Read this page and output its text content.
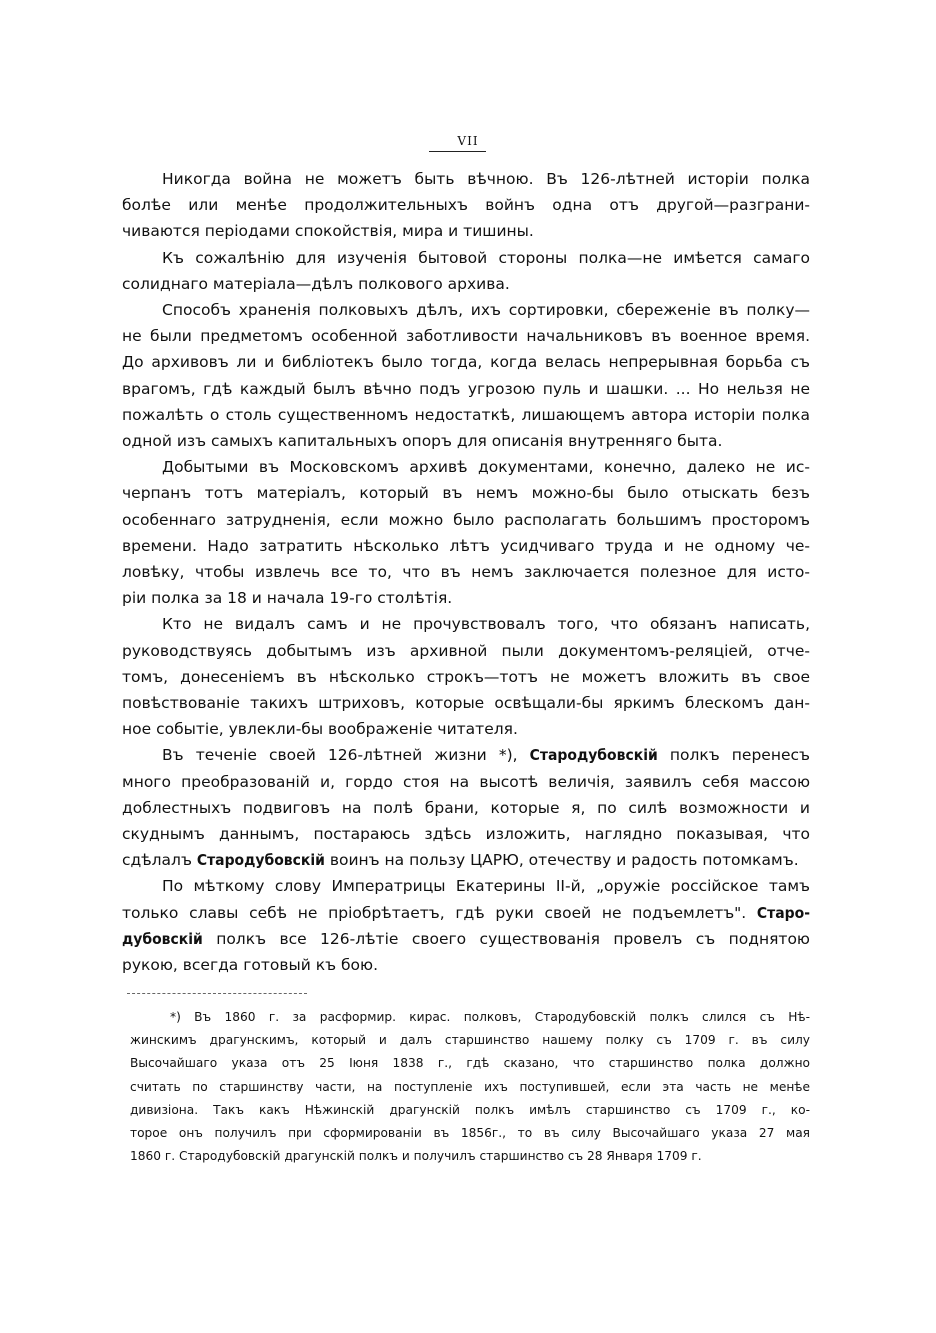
VII
Никогда война не можетъ быть вѣчною. Въ 126-лѣтней исторіи полка
болѣе или менѣе продолжительныхъ войнъ одна отъ другой—разграни-
чиваются періодами спокойствія, мира и тишины.
Къ сожалѣнію для изученія бытовой стороны полка—не имѣется самаго
солиднаго матеріала—дѣлъ полкового архива.
Способъ храненія полковыхъ дѣлъ, ихъ сортировки, сбереженіе въ полку—
не были предметомъ особенной заботливости начальниковъ въ военное время.
До архивовъ ли и библіотекъ было тогда, когда велась непрерывная борьба съ
врагомъ, гдѣ каждый былъ вѣчно подъ угрозою пуль и шашки. ... Но нельзя не
пожалѣть о столь существенномъ недостаткѣ, лишающемъ автора исторіи полка
одной изъ самыхъ капитальныхъ опоръ для описанія внутренняго быта.
Добытыми въ Московскомъ архивѣ документами, конечно, далеко не ис-
черпанъ тотъ матеріалъ, который въ немъ можно-бы было отыскать безъ
особеннаго затрудненія, если можно было располагать большимъ просторомъ
времени. Надо затратить нѣсколько лѣтъ усидчиваго труда и не одному че-
ловѣку, чтобы извлечь все то, что въ немъ заключается полезное для исто-
ріи полка за 18 и начала 19-го столѣтія.
Кто не видалъ самъ и не прочувствовалъ того, что обязанъ написать,
руководствуясь добытымъ изъ архивной пыли документомъ-реляціей, отче-
томъ, донесеніемъ въ нѣсколько строкъ—тотъ не можетъ вложить въ свое
повѣствованіе такихъ штриховъ, которые освѣщали-бы яркимъ блескомъ дан-
ное событіе, увлекли-бы воображеніе читателя.
Въ теченіе своей 126-лѣтней жизни *), Стародубовскій полкъ перенесъ
много преобразованій и, гордо стоя на высотѣ величія, заявилъ себя массою
доблестныхъ подвиговъ на полѣ брани, которые я, по силѣ возможности и
скуднымъ даннымъ, постараюсь здѣсь изложить, наглядно показывая, что
сдѣлалъ Стародубовскій воинъ на пользу ЦАРЮ, отечеству и радость потомкамъ.
По мѣткому слову Императрицы Екатерины II-й, „оружіе россійское тамъ
только славы себѣ не пріобрѣтаетъ, гдѣ руки своей не подъемлетъ". Старо-
дубовскій полкъ все 126-лѣтіе своего существованія провелъ съ поднятою
рукою, всегда готовый къ бою.
*) Въ 1860 г. за расформир. кирас. полковъ, Стародубовскій полкъ слился съ Нѣ-
жинскимъ драгунскимъ, который и далъ старшинство нашему полку съ 1709 г. въ силу
Высочайшаго указа отъ 25 Іюня 1838 г., гдѣ сказано, что старшинство полка должно
считать по старшинству части, на поступленіе ихъ поступившей, если эта часть не менѣе
дивизіона. Такъ какъ Нѣжинскій драгунскій полкъ имѣлъ старшинство съ 1709 г., ко-
торое онъ получилъ при сформированіи въ 1856г., то въ силу Высочайшаго указа 27 мая
1860 г. Стародубовскій драгунскій полкъ и получилъ старшинство съ 28 Января 1709 г.
